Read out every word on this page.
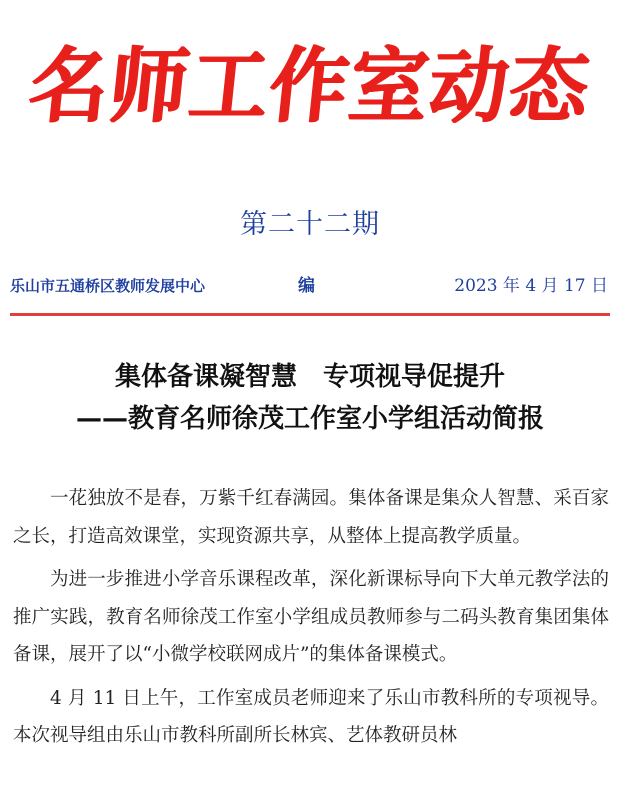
名师工作室动态
第二十二期
乐山市五通桥区教师发展中心	编	2023 年 4 月 17 日
集体备课凝智慧　专项视导促提升
——教育名师徐茂工作室小学组活动简报

一花独放不是春，万紫千红春满园。集体备课是集众人智慧、采百家之长，打造高效课堂，实现资源共享，从整体上提高教学质量。

为进一步推进小学音乐课程改革，深化新课标导向下大单元教学法的推广实践，教育名师徐茂工作室小学组成员教师参与二码头教育集团集体备课，展开了以“小微学校联网成片”的集体备课模式。

4 月 11 日上午，工作室成员老师迎来了乐山市教科所的专项视导。本次视导组由乐山市教科所副所长林宾、艺体教研员林
